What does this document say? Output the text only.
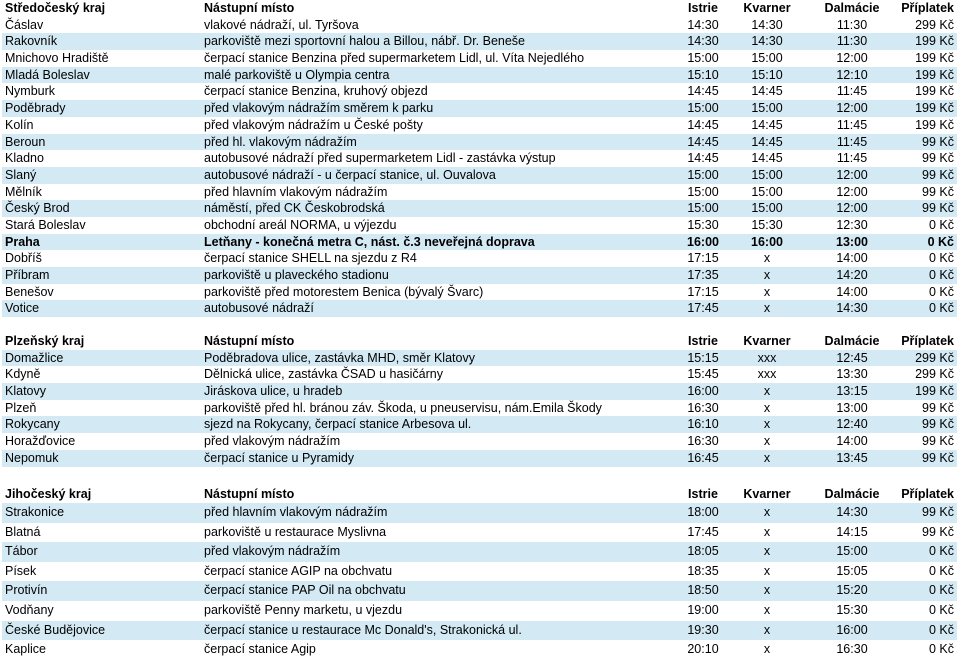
Středočeský kraj	Nástupní místo	Istrie	Kvarner	Dalmácie	Příplatek
Čáslav	vlakové nádraží, ul. Tyršova	14:30	14:30	11:30	299 Kč
Rakovník	parkoviště mezi sportovní halou a Billou, nábř. Dr. Beneše	14:30	14:30	11:30	199 Kč
Mnichovo Hradiště	čerpací stanice Benzina před supermarketem Lidl, ul. Víta Nejedlého	15:00	15:00	12:00	199 Kč
Mladá Boleslav	malé parkoviště u Olympia centra	15:10	15:10	12:10	199 Kč
Nymburk	čerpací stanice Benzina, kruhový objezd	14:45	14:45	11:45	199 Kč
Poděbrady	před vlakovým nádražím směrem k parku	15:00	15:00	12:00	199 Kč
Kolín	před vlakovým nádražím u České pošty	14:45	14:45	11:45	199 Kč
Beroun	před hl. vlakovým nádražím	14:45	14:45	11:45	99 Kč
Kladno	autobusové nádraží před supermarketem Lidl - zastávka výstup	14:45	14:45	11:45	99 Kč
Slaný	autobusové nádraží - u čerpací stanice, ul. Ouvalova	15:00	15:00	12:00	99 Kč
Mělník	před hlavním vlakovým nádražím	15:00	15:00	12:00	99 Kč
Český Brod	náměstí, před CK Českobrodská	15:00	15:00	12:00	99 Kč
Stará Boleslav	obchodní areál NORMA, u výjezdu	15:30	15:30	12:30	0 Kč
Praha	Letňany - konečná metra C, nást. č.3 neveřejná doprava	16:00	16:00	13:00	0 Kč
Dobříš	čerpací stanice SHELL na sjezdu z R4	17:15	x	14:00	0 Kč
Příbram	parkoviště u plaveckého stadionu	17:35	x	14:20	0 Kč
Benešov	parkoviště před motorestem Benica (bývalý Švarc)	17:15	x	14:00	0 Kč
Votice	autobusové nádraží	17:45	x	14:30	0 Kč
Plzeňský kraj	Nástupní místo	Istrie	Kvarner	Dalmácie	Příplatek
Domažlice	Poděbradova ulice, zastávka MHD, směr Klatovy	15:15	xxx	12:45	299 Kč
Kdyně	Dělnická ulice, zastávka ČSAD u hasičárny	15:45	xxx	13:30	299 Kč
Klatovy	Jiráskova ulice, u hradeb	16:00	x	13:15	199 Kč
Plzeň	parkoviště před hl. bránou záv. Škoda, u pneuservisu, nám.Emila Škody	16:30	x	13:00	99 Kč
Rokycany	sjezd na Rokycany, čerpací stanice Arbesova ul.	16:10	x	12:40	99 Kč
Horažďovice	před vlakovým nádražím	16:30	x	14:00	99 Kč
Nepomuk	čerpací stanice u Pyramidy	16:45	x	13:45	99 Kč
Jihočeský kraj	Nástupní místo	Istrie	Kvarner	Dalmácie	Příplatek
Strakonice	před hlavním vlakovým nádražím	18:00	x	14:30	99 Kč
Blatná	parkoviště u restaurace Myslivna	17:45	x	14:15	99 Kč
Tábor	před vlakovým nádražím	18:05	x	15:00	0 Kč
Písek	čerpací stanice AGIP na obchvatu	18:35	x	15:05	0 Kč
Protivín	čerpací stanice PAP Oil na obchvatu	18:50	x	15:20	0 Kč
Vodňany	parkoviště Penny marketu, u vjezdu	19:00	x	15:30	0 Kč
České Budějovice	čerpací stanice u restaurace Mc Donald's, Strakonická ul.	19:30	x	16:00	0 Kč
Kaplice	čerpací stanice Agip	20:10	x	16:30	0 Kč
